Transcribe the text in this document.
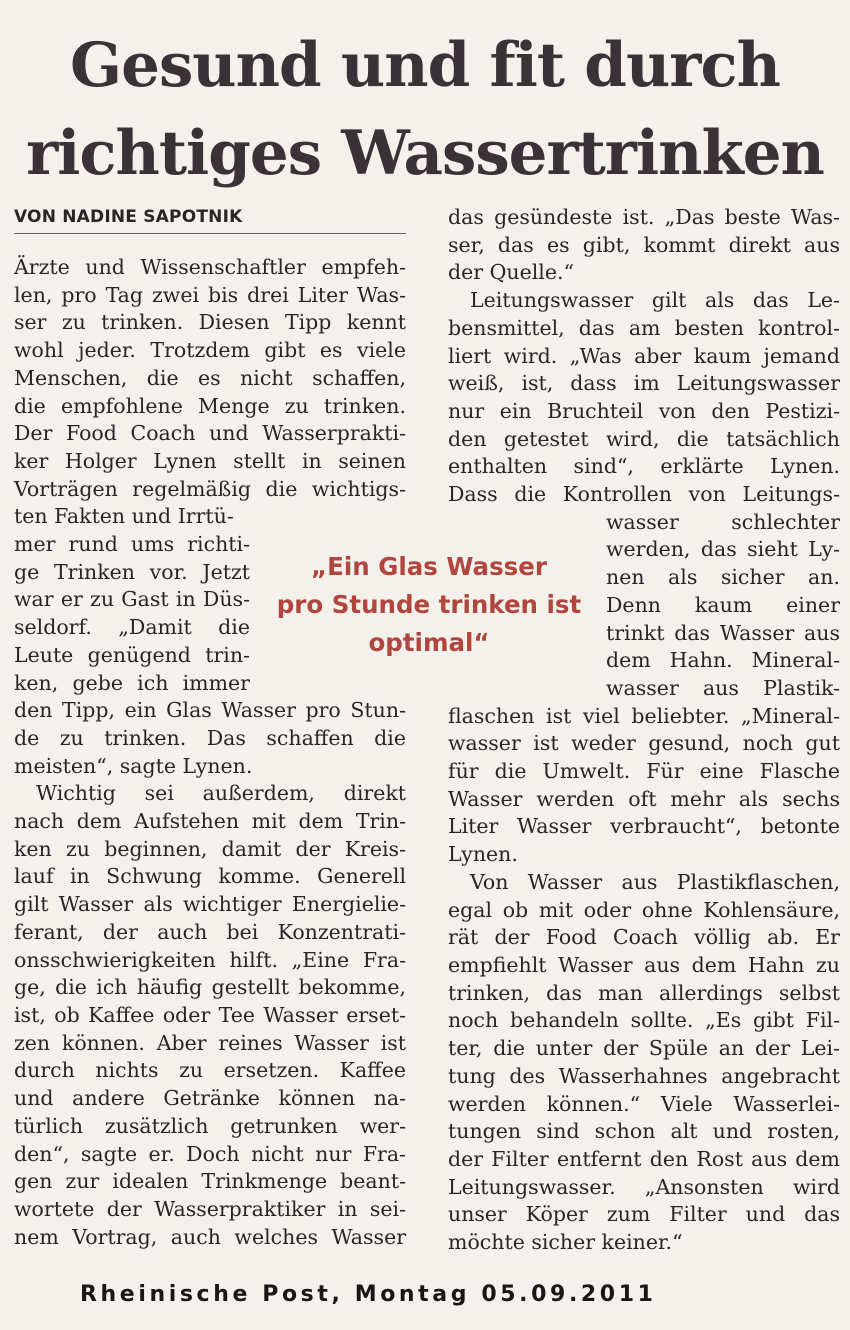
Gesund und fit durch
richtiges Wassertrinken
VON NADINE SAPOTNIK
Ärzte und Wissenschaftler empfeh-
len, pro Tag zwei bis drei Liter Was-
ser zu trinken. Diesen Tipp kennt
wohl jeder. Trotzdem gibt es viele
Menschen, die es nicht schaffen,
die empfohlene Menge zu trinken.
Der Food Coach und Wasserprakti-
ker Holger Lynen stellt in seinen
Vorträgen regelmäßig die wichtigs-
ten Fakten und Irrtü-
mer rund ums richti-
ge Trinken vor. Jetzt
war er zu Gast in Düs-
seldorf. „Damit die
Leute genügend trin-
ken, gebe ich immer
den Tipp, ein Glas Wasser pro Stun-
de zu trinken. Das schaffen die
meisten“, sagte Lynen.
Wichtig sei außerdem, direkt
nach dem Aufstehen mit dem Trin-
ken zu beginnen, damit der Kreis-
lauf in Schwung komme. Generell
gilt Wasser als wichtiger Energielie-
ferant, der auch bei Konzentrati-
onsschwierigkeiten hilft. „Eine Fra-
ge, die ich häufig gestellt bekomme,
ist, ob Kaffee oder Tee Wasser erset-
zen können. Aber reines Wasser ist
durch nichts zu ersetzen. Kaffee
und andere Getränke können na-
türlich zusätzlich getrunken wer-
den“, sagte er. Doch nicht nur Fra-
gen zur idealen Trinkmenge beant-
wortete der Wasserpraktiker in sei-
nem Vortrag, auch welches Wasser
das gesündeste ist. „Das beste Was-
ser, das es gibt, kommt direkt aus
der Quelle.“
Leitungswasser gilt als das Le-
bensmittel, das am besten kontrol-
liert wird. „Was aber kaum jemand
weiß, ist, dass im Leitungswasser
nur ein Bruchteil von den Pestizi-
den getestet wird, die tatsächlich
enthalten sind“, erklärte Lynen.
Dass die Kontrollen von Leitungs-
wasser schlechter
werden, das sieht Ly-
nen als sicher an.
Denn kaum einer
trinkt das Wasser aus
dem Hahn. Mineral-
wasser aus Plastik-
flaschen ist viel beliebter. „Mineral-
wasser ist weder gesund, noch gut
für die Umwelt. Für eine Flasche
Wasser werden oft mehr als sechs
Liter Wasser verbraucht“, betonte
Lynen.
Von Wasser aus Plastikflaschen,
egal ob mit oder ohne Kohlensäure,
rät der Food Coach völlig ab. Er
empfiehlt Wasser aus dem Hahn zu
trinken, das man allerdings selbst
noch behandeln sollte. „Es gibt Fil-
ter, die unter der Spüle an der Lei-
tung des Wasserhahnes angebracht
werden können.“ Viele Wasserlei-
tungen sind schon alt und rosten,
der Filter entfernt den Rost aus dem
Leitungswasser. „Ansonsten wird
unser Köper zum Filter und das
möchte sicher keiner.“
„Ein Glas Wasser
pro Stunde trinken ist
optimal“
Rheinische Post, Montag 05.09.2011
